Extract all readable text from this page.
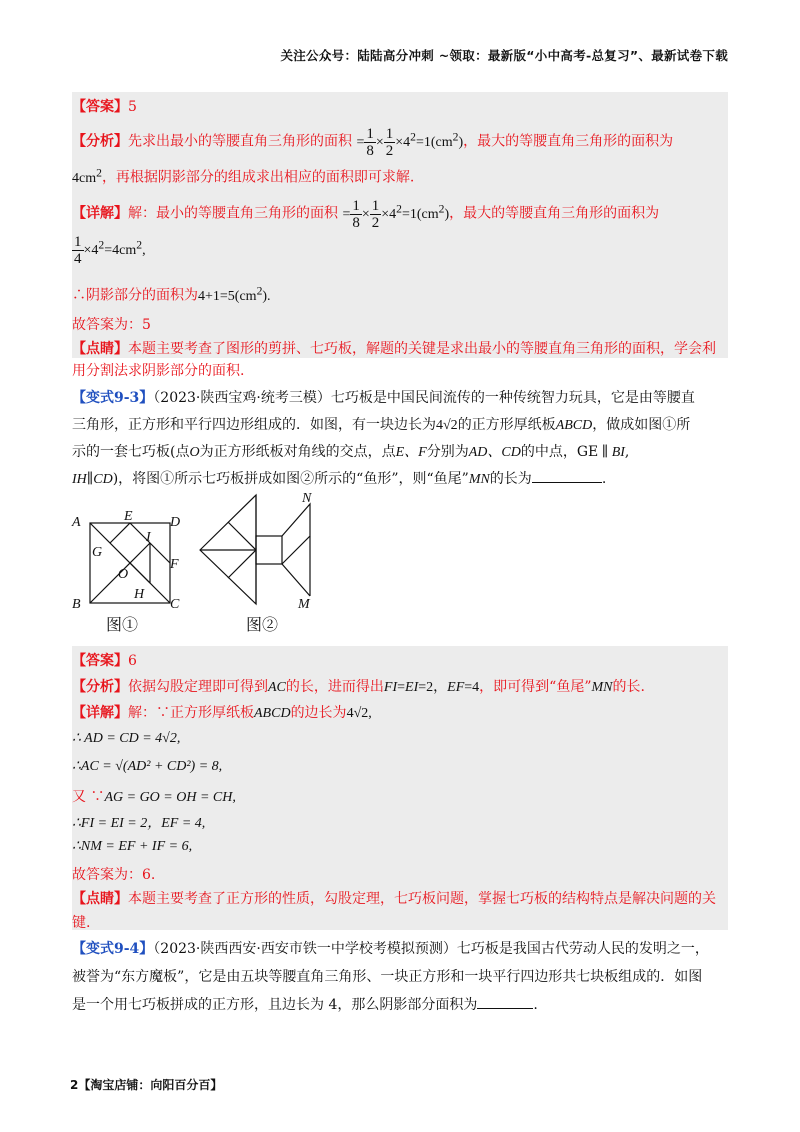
关注公众号：陆陆高分冲刺 ~领取：最新版“小中高考-总复习”、最新试卷下载
【答案】5
【分析】先求出最小的等腰直角三角形的面积 = $\frac{1}{8} \times \frac{1}{2} \times 4^2=1(cm^2)$，最大的等腰直角三角形的面积为
$4cm^2$，再根据阴影部分的组成求出相应的面积即可求解.
【详解】解：最小的等腰直角三角形的面积 = $\frac{1}{8} \times \frac{1}{2} \times 4^2=1(cm^2)$，最大的等腰直角三角形的面积为
$\frac{1}{4} \times 4^2=4cm^2$,
∴阴影部分的面积为$4+1=5(cm^2)$.
故答案为：5
【点睛】本题主要考查了图形的剪拼、七巧板，解题的关键是求出最小的等腰直角三角形的面积，学会利
用分割法求阴影部分的面积.
【变式9-3】（2023·陕西宝鸡·统考三模）七巧板是中国民间流传的一种传统智力玩具，它是由等腰直
三角形，正方形和平行四边形组成的．如图，有一块边长为4√2的正方形厚纸板ABCD，做成如图①所
示的一套七巧板(点O为正方形纸板对角线的交点，点E、F分别为AD、CD的中点，GE ∥ BI,
IH∥CD)，将图①所示七巧板拼成如图②所示的“鱼形”，则“鱼尾”MN的长为	.
A
B	C
D
E
F
G
H
I
O
图①
N
M
图②
【答案】6
【分析】依据勾股定理即可得到AC的长，进而得出FI=EI=2，EF=4，即可得到“鱼尾”MN的长.
【详解】解：∵正方形厚纸板ABCD的边长为4√2,
∴ AD = CD = 4√2,
∴AC = √(AD² + CD²) = 8,
又 ∵AG = GO = OH = CH,
∴FI = EI = 2，EF = 4,
∴NM = EF + IF = 6,
故答案为：6.
【点睛】本题主要考查了正方形的性质，勾股定理，七巧板问题，掌握七巧板的结构特点是解决问题的关
键.
【变式9-4】（2023·陕西西安·西安市铁一中学校考模拟预测）七巧板是我国古代劳动人民的发明之一，
被誉为“东方魔板”，它是由五块等腰直角三角形、一块正方形和一块平行四边形共七块板组成的．如图
是一个用七巧板拼成的正方形，且边长为 4，那么阴影部分面积为	.
2【淘宝店铺：向阳百分百】
